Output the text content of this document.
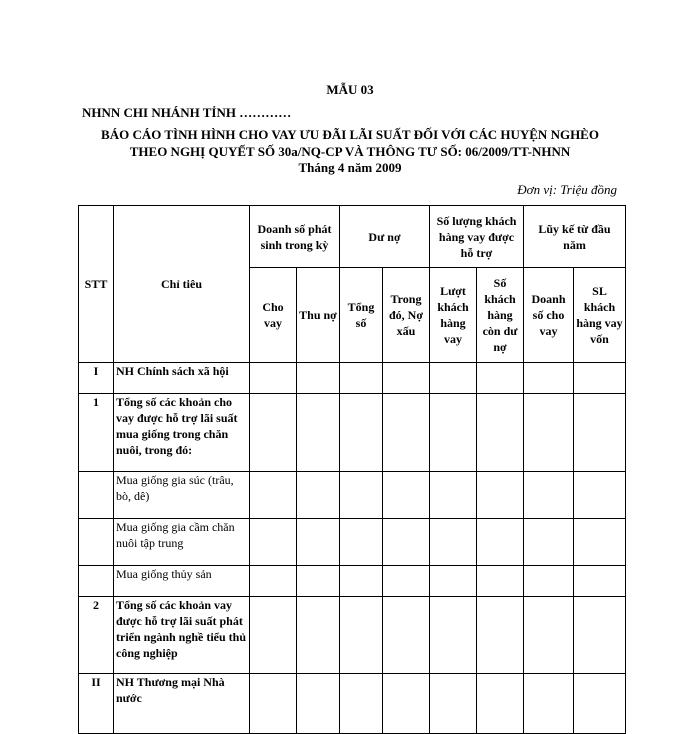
MẪU 03
NHNN CHI NHÁNH TỈNH …………
BÁO CÁO TÌNH HÌNH CHO VAY ƯU ĐÃI LÃI SUẤT ĐỐI VỚI CÁC HUYỆN NGHÈO
THEO NGHỊ QUYẾT SỐ 30a/NQ-CP VÀ THÔNG TƯ SỐ: 06/2009/TT-NHNN
Tháng 4 năm 2009
Đơn vị: Triệu đồng
STT	Chỉ tiêu	Doanh số phát sinh trong kỳ		Dư nợ		Số lượng khách hàng vay được hỗ trợ		Lũy kế từ đầu năm	
		Cho vay	Thu nợ	Tổng số	Trong đó, Nợ xấu	Lượt khách hàng vay	Số khách hàng còn dư nợ	Doanh số cho vay	SL khách hàng vay vốn
I	NH Chính sách xã hội								
1	Tổng số các khoản cho vay được hỗ trợ lãi suất mua giống trong chăn nuôi, trong đó:								
	Mua giống gia súc (trâu, bò, dê)								
	Mua giống gia cầm chăn nuôi tập trung								
	Mua giống thủy sản								
2	Tổng số các khoản vay được hỗ trợ lãi suất phát triển ngành nghề tiểu thủ công nghiệp								
II	NH Thương mại Nhà nước								
